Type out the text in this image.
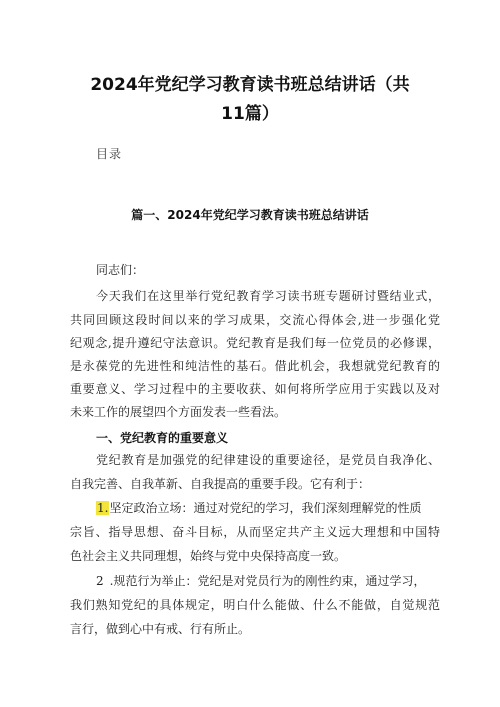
2024年党纪学习教育读书班总结讲话（共
11篇）
目录
篇一、2024年党纪学习教育读书班总结讲话
同志们：
今天我们在这里举行党纪教育学习读书班专题研讨暨结业式，
共同回顾这段时间以来的学习成果，交流心得体会,进一步强化党
纪观念,提升遵纪守法意识。党纪教育是我们每一位党员的必修课，
是永葆党的先进性和纯洁性的基石。借此机会，我想就党纪教育的
重要意义、学习过程中的主要收获、如何将所学应用于实践以及对
未来工作的展望四个方面发表一些看法。
一、党纪教育的重要意义
党纪教育是加强党的纪律建设的重要途径，是党员自我净化、
自我完善、自我革新、自我提高的重要手段。它有利于：
1.坚定政治立场：通过对党纪的学习，我们深刻理解党的性质
宗旨、指导思想、奋斗目标，从而坚定共产主义远大理想和中国特
色社会主义共同理想，始终与党中央保持高度一致。
2 .规范行为举止：党纪是对党员行为的刚性约束，通过学习，
我们熟知党纪的具体规定，明白什么能做、什么不能做，自觉规范
言行，做到心中有戒、行有所止。
